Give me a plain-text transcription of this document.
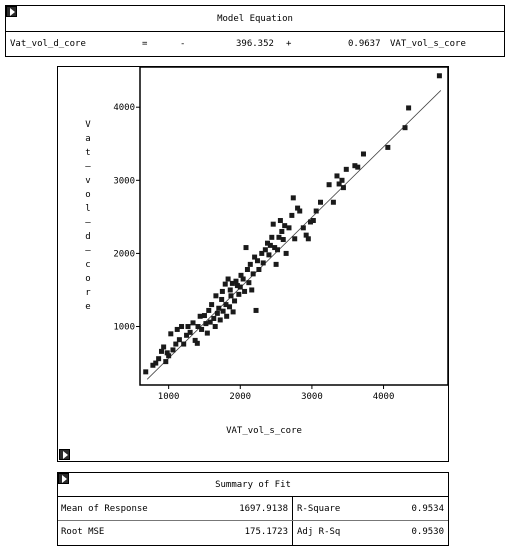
Model Equation
Vat_vol_d_core	=	-	396.352 +	0.9637 VAT_vol_s_core
1000	2000	3000	4000
1000
2000
3000
4000
VAT_vol_s_core
V a t — v o l — d — c o r e
Summary of Fit
Mean of Response	1697.9138 R-Square	0.9534
Root MSE	175.1723 Adj R-Sq	0.9530
